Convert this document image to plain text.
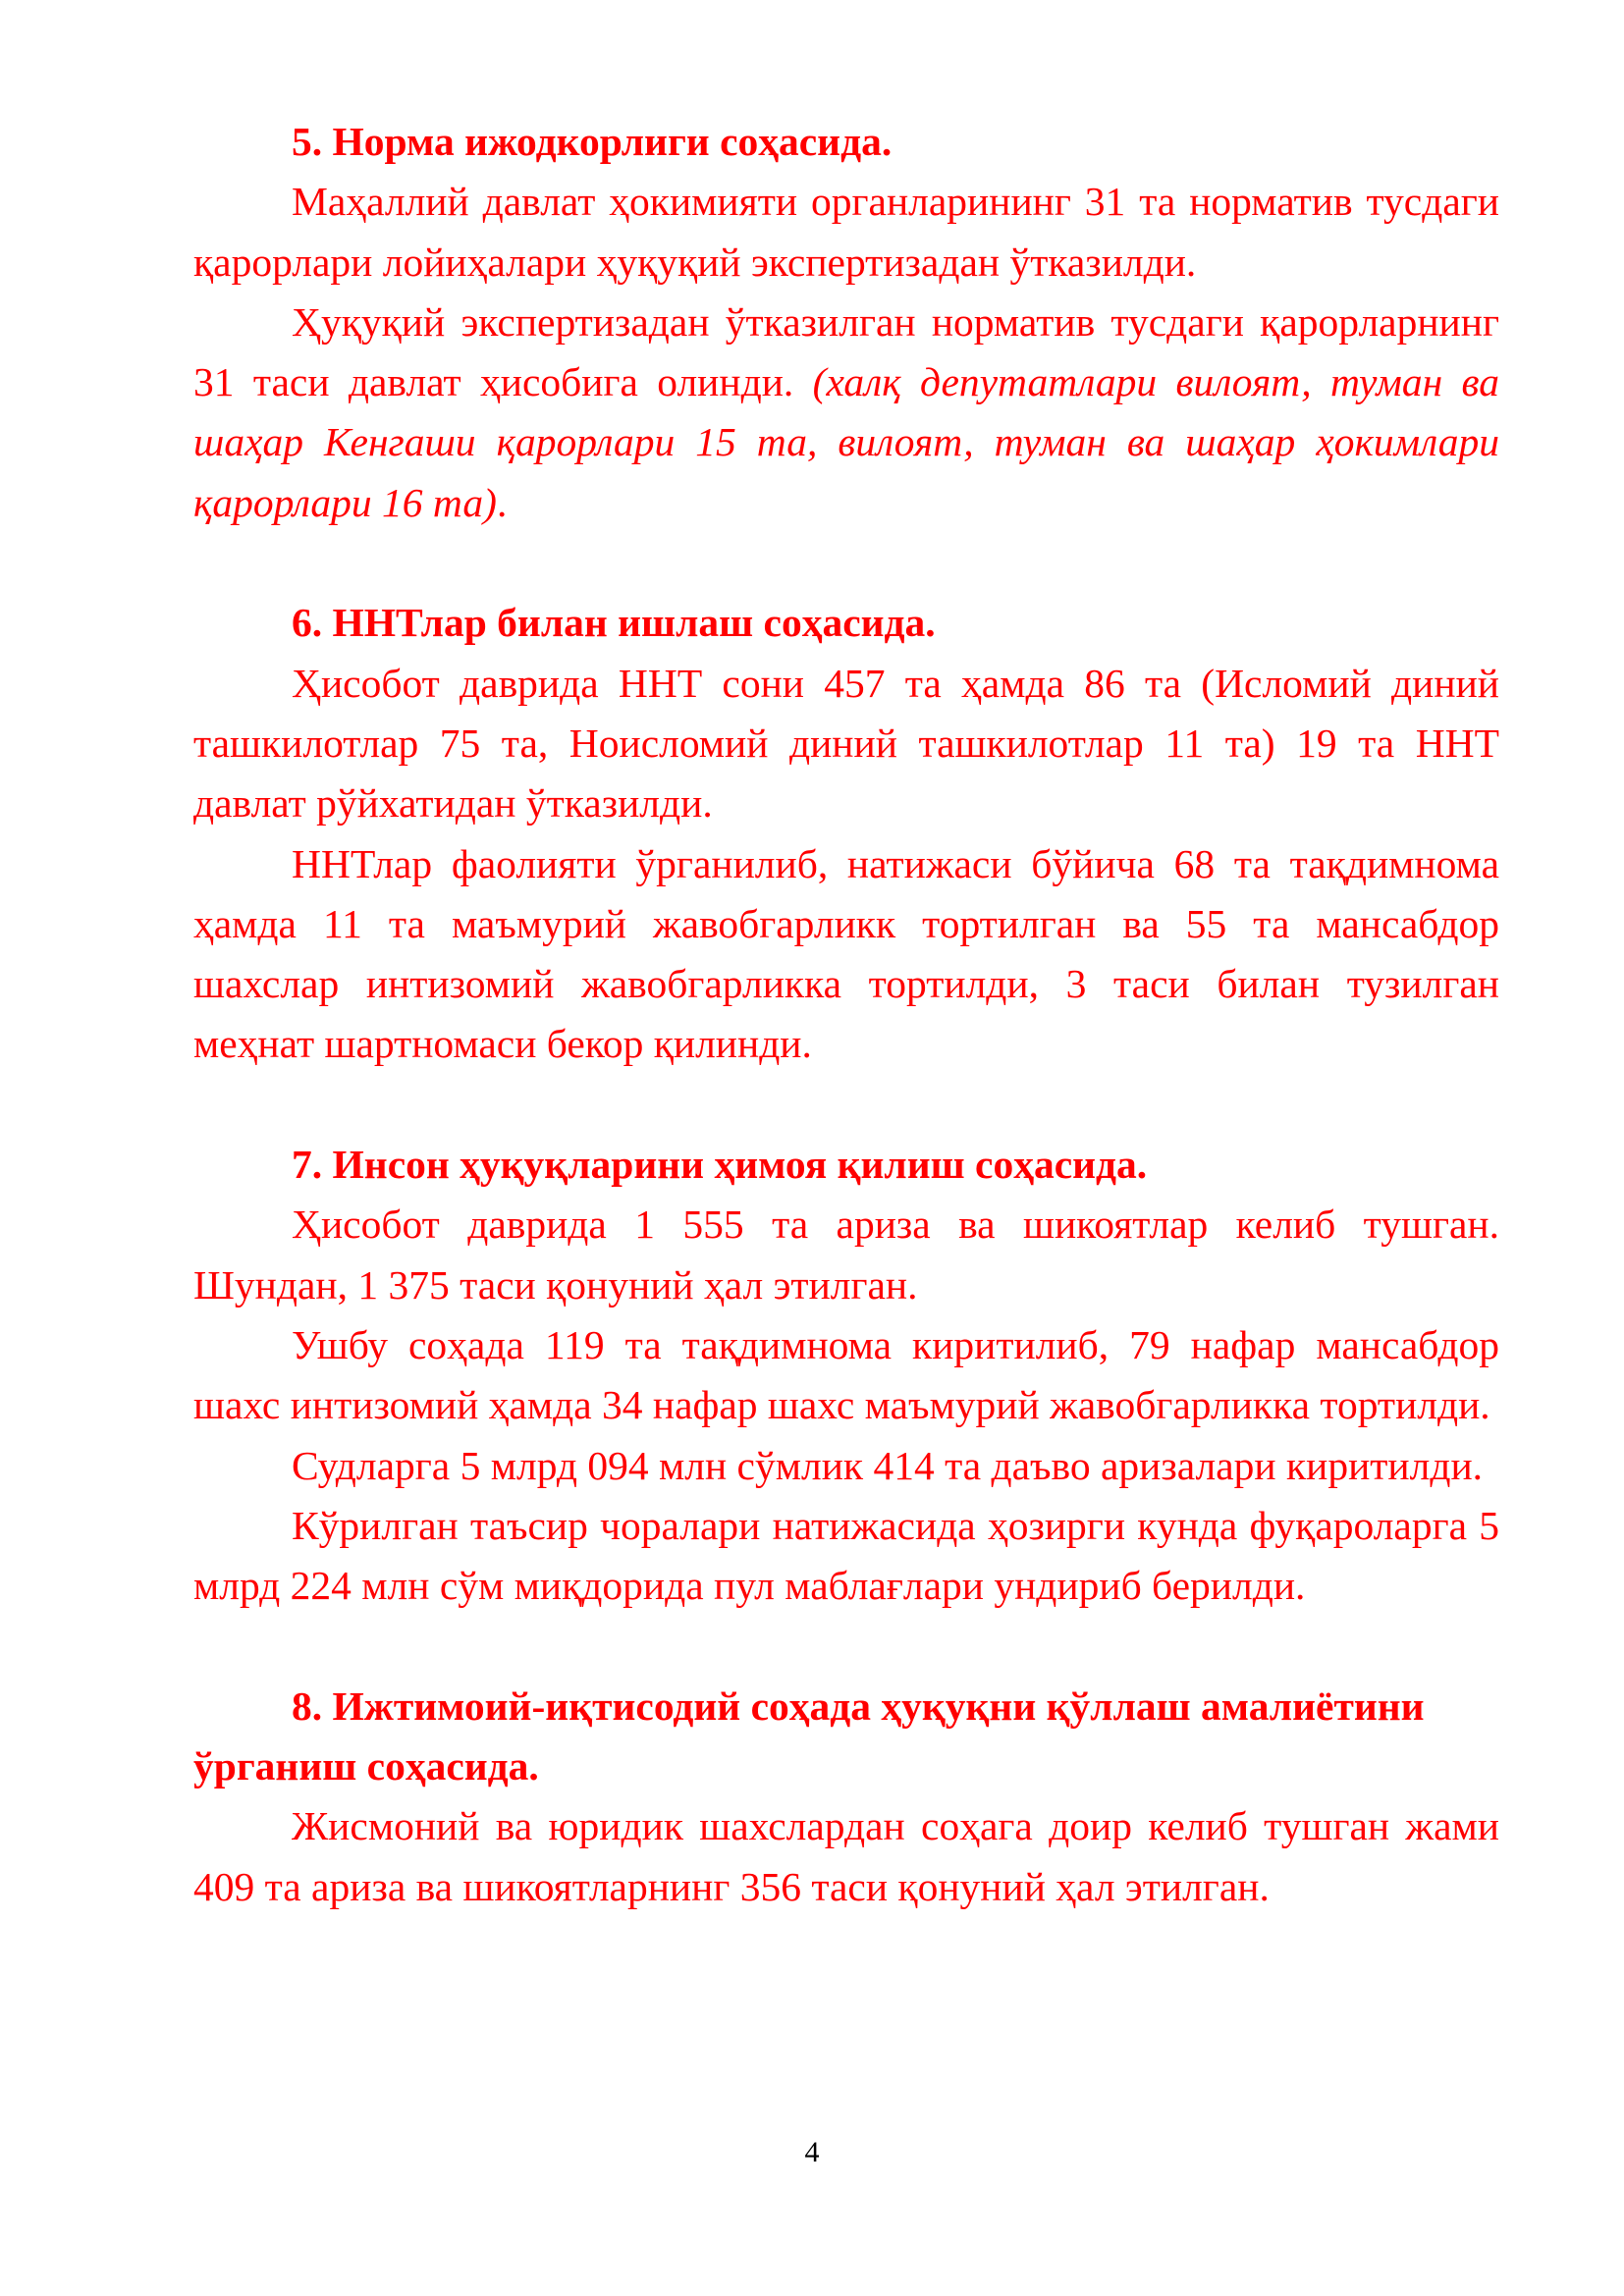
5. Норма ижодкорлиги соҳасида.

Маҳаллий давлат ҳокимияти органларининг 31 та норматив тусдаги қарорлари лойиҳалари ҳуқуқий экспертизадан ўтказилди.

Ҳуқуқий экспертизадан ўтказилган норматив тусдаги қарорларнинг 31 таси давлат ҳисобига олинди. (халқ депутатлари вилоят, туман ва шаҳар Кенгаши қарорлари 15 та, вилоят, туман ва шаҳар ҳокимлари қарорлари 16 та).

6. ННТлар билан ишлаш соҳасида.

Ҳисобот даврида ННТ сони 457 та ҳамда 86 та (Исломий диний ташкилотлар 75 та, Ноисломий диний ташкилотлар 11 та) 19 та ННТ давлат рўйхатидан ўтказилди.

ННТлар фаолияти ўрганилиб, натижаси бўйича 68 та тақдимнома ҳамда 11 та маъмурий жавобгарликк тортилган ва 55 та мансабдор шахслар интизомий жавобгарликка тортилди, 3 таси билан тузилган меҳнат шартномаси бекор қилинди.

7. Инсон ҳуқуқларини ҳимоя қилиш соҳасида.

Ҳисобот даврида 1 555 та ариза ва шикоятлар келиб тушган. Шундан, 1 375 таси қонуний ҳал этилган.

Ушбу соҳада 119 та тақдимнома киритилиб, 79 нафар мансабдор шахс интизомий ҳамда 34 нафар шахс маъмурий жавобгарликка тортилди.

Судларга 5 млрд 094 млн сўмлик 414 та даъво аризалари киритилди.

Кўрилган таъсир чоралари натижасида ҳозирги кунда фуқароларга 5 млрд 224 млн сўм миқдорида пул маблағлари ундириб берилди.

8. Ижтимоий-иқтисодий соҳада ҳуқуқни қўллаш амалиётини ўрганиш соҳасида.

Жисмоний ва юридик шахслардан соҳага доир келиб тушган жами 409 та ариза ва шикоятларнинг 356 таси қонуний ҳал этилган.

4
